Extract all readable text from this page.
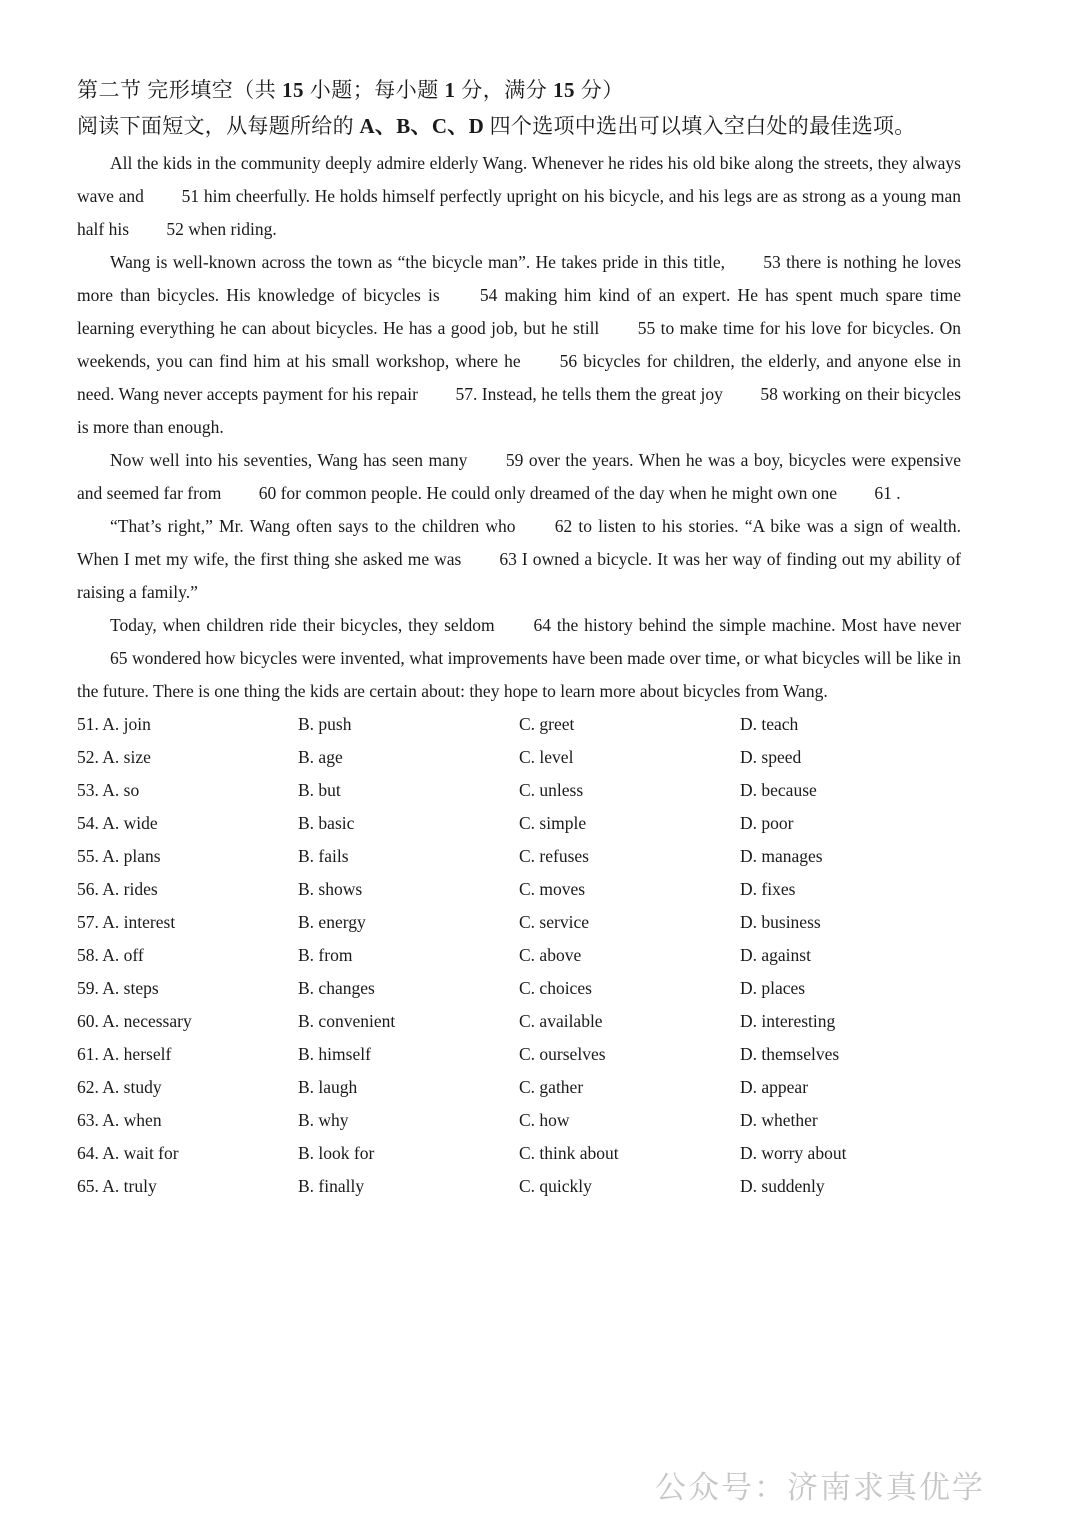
第二节 完形填空（共 15 小题；每小题 1 分，满分 15 分）

阅读下面短文，从每题所给的 A、B、C、D 四个选项中选出可以填入空白处的最佳选项。

All the kids in the community deeply admire elderly Wang. Whenever he rides his old bike along the streets, they always wave and 51 him cheerfully. He holds himself perfectly upright on his bicycle, and his legs are as strong as a young man half his 52 when riding.

Wang is well-known across the town as “the bicycle man”. He takes pride in this title, 53 there is nothing he loves more than bicycles. His knowledge of bicycles is 54 making him kind of an expert. He has spent much spare time learning everything he can about bicycles. He has a good job, but he still 55 to make time for his love for bicycles. On weekends, you can find him at his small workshop, where he 56 bicycles for children, the elderly, and anyone else in need. Wang never accepts payment for his repair 57. Instead, he tells them the great joy 58 working on their bicycles is more than enough.

Now well into his seventies, Wang has seen many 59 over the years. When he was a boy, bicycles were expensive and seemed far from 60 for common people. He could only dreamed of the day when he might own one 61 .

“That’s right,” Mr. Wang often says to the children who 62 to listen to his stories. “A bike was a sign of wealth. When I met my wife, the first thing she asked me was 63 I owned a bicycle. It was her way of finding out my ability of raising a family.”

Today, when children ride their bicycles, they seldom 64 the history behind the simple machine. Most have never 65 wondered how bicycles were invented, what improvements have been made over time, or what bicycles will be like in the future. There is one thing the kids are certain about: they hope to learn more about bicycles from Wang.

51. A. join	B. push	C. greet	D. teach
52. A. size	B. age	C. level	D. speed
53. A. so	B. but	C. unless	D. because
54. A. wide	B. basic	C. simple	D. poor
55. A. plans	B. fails	C. refuses	D. manages
56. A. rides	B. shows	C. moves	D. fixes
57. A. interest	B. energy	C. service	D. business
58. A. off	B. from	C. above	D. against
59. A. steps	B. changes	C. choices	D. places
60. A. necessary	B. convenient	C. available	D. interesting
61. A. herself	B. himself	C. ourselves	D. themselves
62. A. study	B. laugh	C. gather	D. appear
63. A. when	B. why	C. how	D. whether
64. A. wait for	B. look for	C. think about	D. worry about
65. A. truly	B. finally	C. quickly	D. suddenly
公众号：济南求真优学
